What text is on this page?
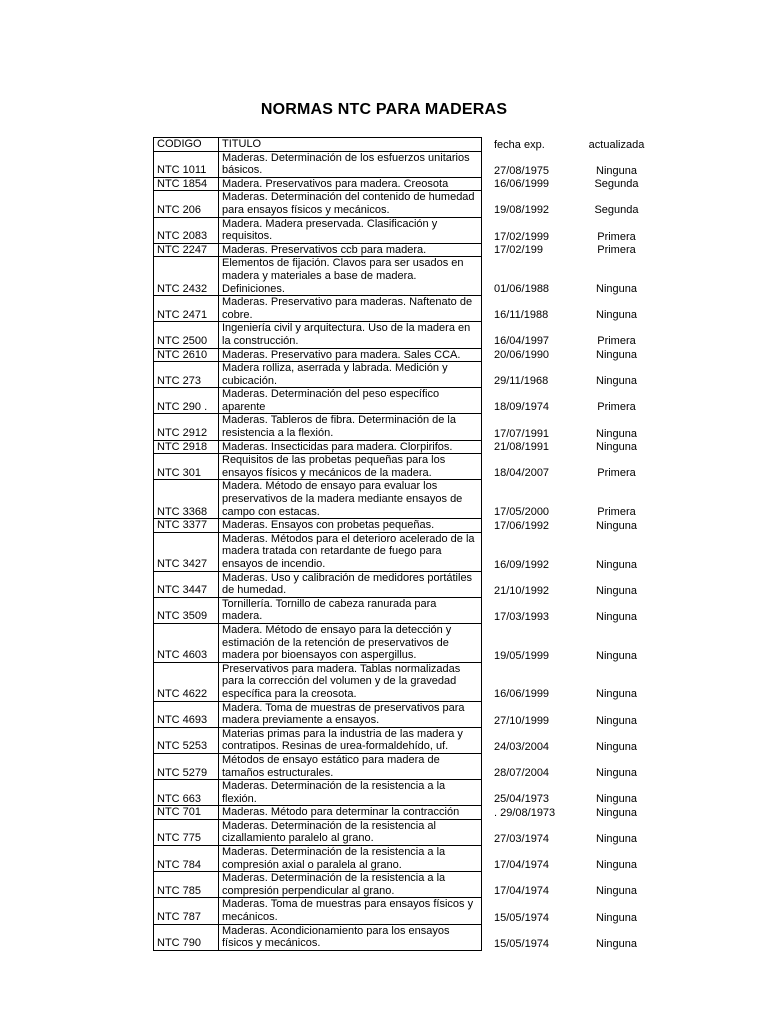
NORMAS NTC PARA MADERAS
CODIGO	TITULO	fecha exp.	actualizada
NTC 1011	Maderas. Determinación de los esfuerzos unitarios básicos.	27/08/1975	Ninguna
NTC 1854	Madera. Preservativos para madera. Creosota	16/06/1999	Segunda
NTC 206	Maderas. Determinación del contenido de humedad para ensayos físicos y mecánicos.	19/08/1992	Segunda
NTC 2083	Madera. Madera preservada. Clasificación y requisitos.	17/02/1999	Primera
NTC 2247	Maderas. Preservativos ccb para madera.	17/02/199	Primera
NTC 2432	Elementos de fijación. Clavos para ser usados en madera y materiales a base de madera. Definiciones.	01/06/1988	Ninguna
NTC 2471	Maderas. Preservativo para maderas. Naftenato de cobre.	16/11/1988	Ninguna
NTC 2500	Ingeniería civil y arquitectura. Uso de la madera en la construcción.	16/04/1997	Primera
NTC 2610	Maderas. Preservativo para madera. Sales CCA.	20/06/1990	Ninguna
NTC 273	Madera rolliza, aserrada y labrada. Medición y cubicación.	29/11/1968	Ninguna
NTC 290 .	Maderas. Determinación del peso específico aparente	18/09/1974	Primera
NTC 2912	Maderas. Tableros de fibra. Determinación de la resistencia a la flexión.	17/07/1991	Ninguna
NTC 2918	Maderas. Insecticidas para madera. Clorpirifos.	21/08/1991	Ninguna
NTC 301	Requisitos de las probetas pequeñas para los ensayos físicos y mecánicos de la madera.	18/04/2007	Primera
NTC 3368	Madera. Método de ensayo para evaluar los preservativos de la madera mediante ensayos de campo con estacas.	17/05/2000	Primera
NTC 3377	Maderas. Ensayos con probetas pequeñas.	17/06/1992	Ninguna
NTC 3427	Maderas. Métodos para el deterioro acelerado de la madera tratada con retardante de fuego para ensayos de incendio.	16/09/1992	Ninguna
NTC 3447	Maderas. Uso y calibración de medidores portátiles de humedad.	21/10/1992	Ninguna
NTC 3509	Tornillería. Tornillo de cabeza ranurada para madera.	17/03/1993	Ninguna
NTC 4603	Madera. Método de ensayo para la detección y estimación de la retención de preservativos de madera por bioensayos con aspergillus.	19/05/1999	Ninguna
NTC 4622	Preservativos para madera. Tablas normalizadas para la corrección del volumen y de la gravedad específica para la creosota.	16/06/1999	Ninguna
NTC 4693	Madera. Toma de muestras de preservativos para madera previamente a ensayos.	27/10/1999	Ninguna
NTC 5253	Materias primas para la industria de las madera y contratipos. Resinas de urea-formaldehído, uf.	24/03/2004	Ninguna
NTC 5279	Métodos de ensayo estático para madera de tamaños estructurales.	28/07/2004	Ninguna
NTC 663	Maderas. Determinación de la resistencia a la flexión.	25/04/1973	Ninguna
NTC 701	Maderas. Método para determinar la contracción	. 29/08/1973	Ninguna
NTC 775	Maderas. Determinación de la resistencia al cizallamiento paralelo al grano.	27/03/1974	Ninguna
NTC 784	Maderas. Determinación de la resistencia a la compresión axial o paralela al grano.	17/04/1974	Ninguna
NTC 785	Maderas. Determinación de la resistencia a la compresión perpendicular al grano.	17/04/1974	Ninguna
NTC 787	Maderas. Toma de muestras para ensayos físicos y mecánicos.	15/05/1974	Ninguna
NTC 790	Maderas. Acondicionamiento para los ensayos físicos y mecánicos.	15/05/1974	Ninguna
